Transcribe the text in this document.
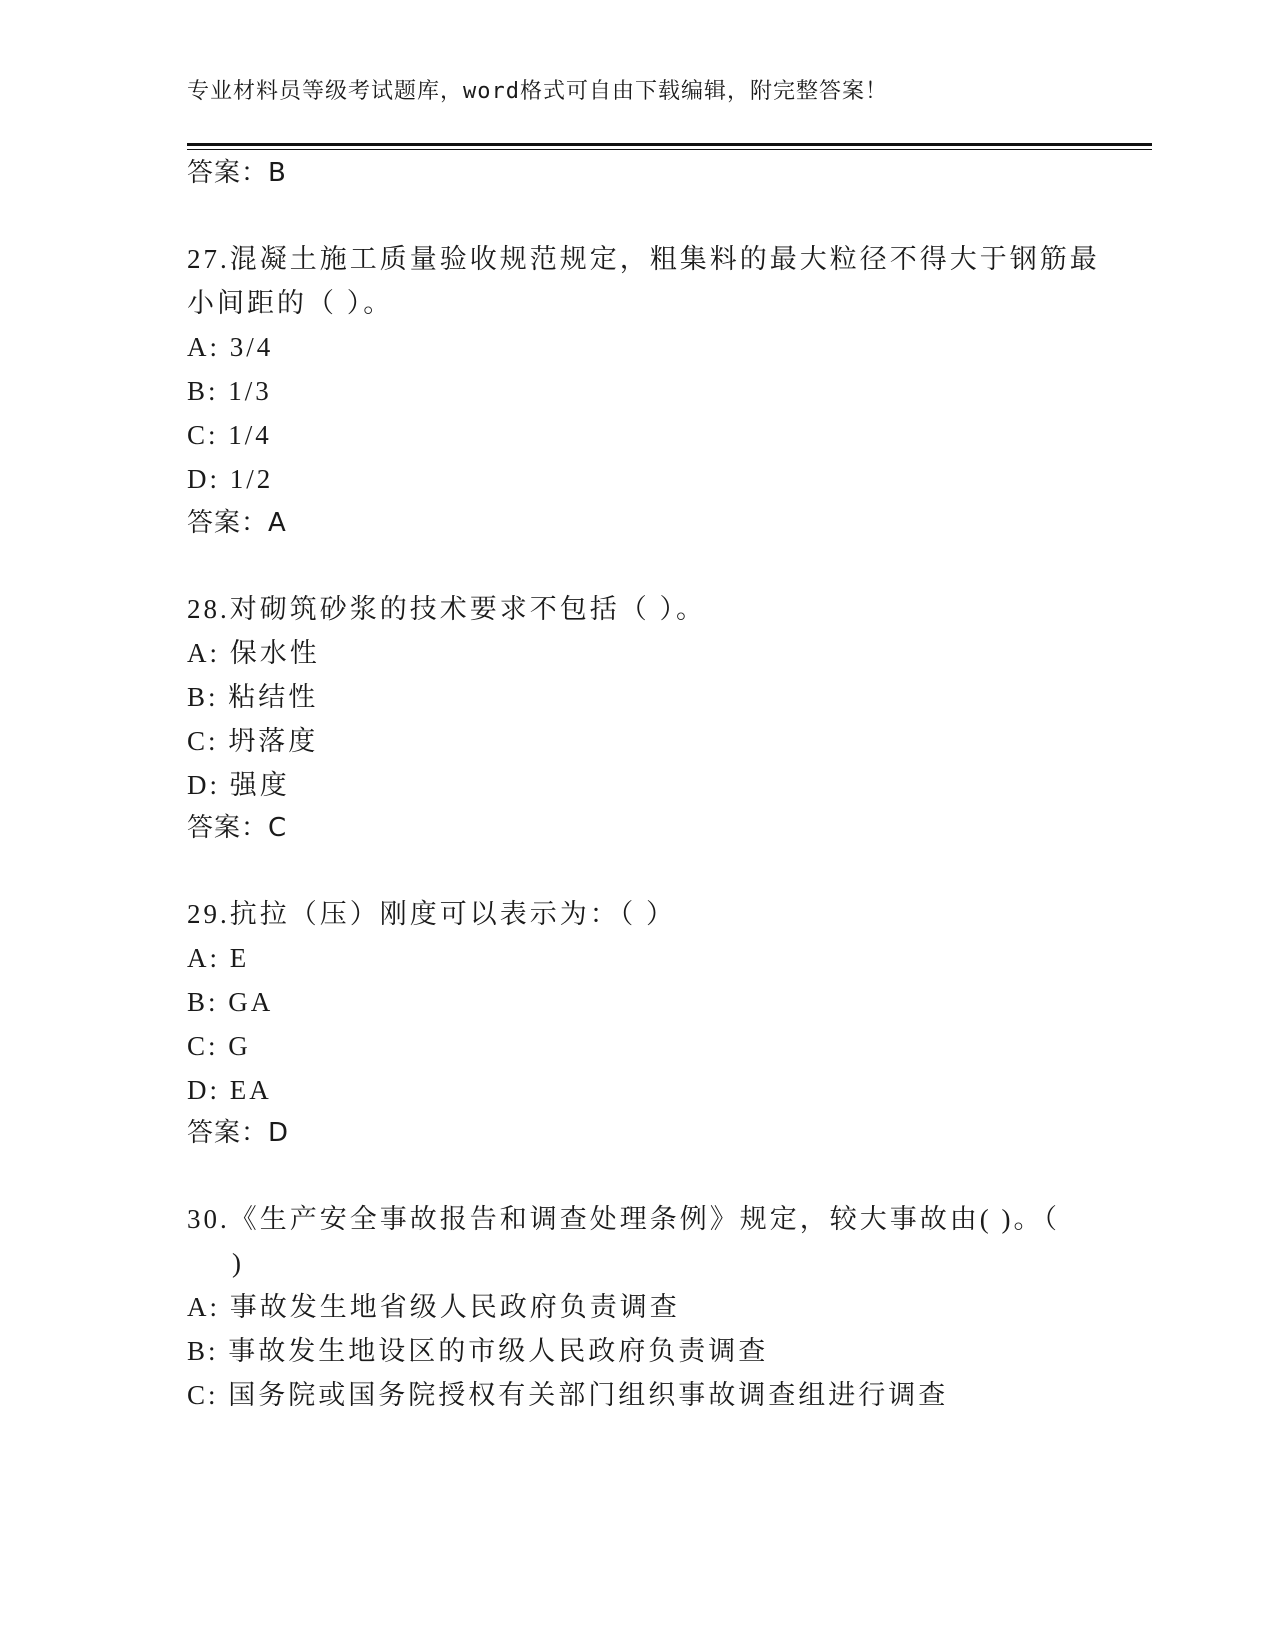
专业材料员等级考试题库，word格式可自由下载编辑，附完整答案！
答案：B
27.混凝土施工质量验收规范规定，粗集料的最大粒径不得大于钢筋最
小间距的（ ）。
A: 3/4
B: 1/3
C: 1/4
D: 1/2
答案：A
28.对砌筑砂浆的技术要求不包括（ ）。
A: 保水性
B: 粘结性
C: 坍落度
D: 强度
答案：C
29.抗拉（压）刚度可以表示为：（ ）
A: E
B: GA
C: G
D: EA
答案：D
30.《生产安全事故报告和调查处理条例》规定，较大事故由( )。（
)
A: 事故发生地省级人民政府负责调查
B: 事故发生地设区的市级人民政府负责调查
C: 国务院或国务院授权有关部门组织事故调查组进行调查
